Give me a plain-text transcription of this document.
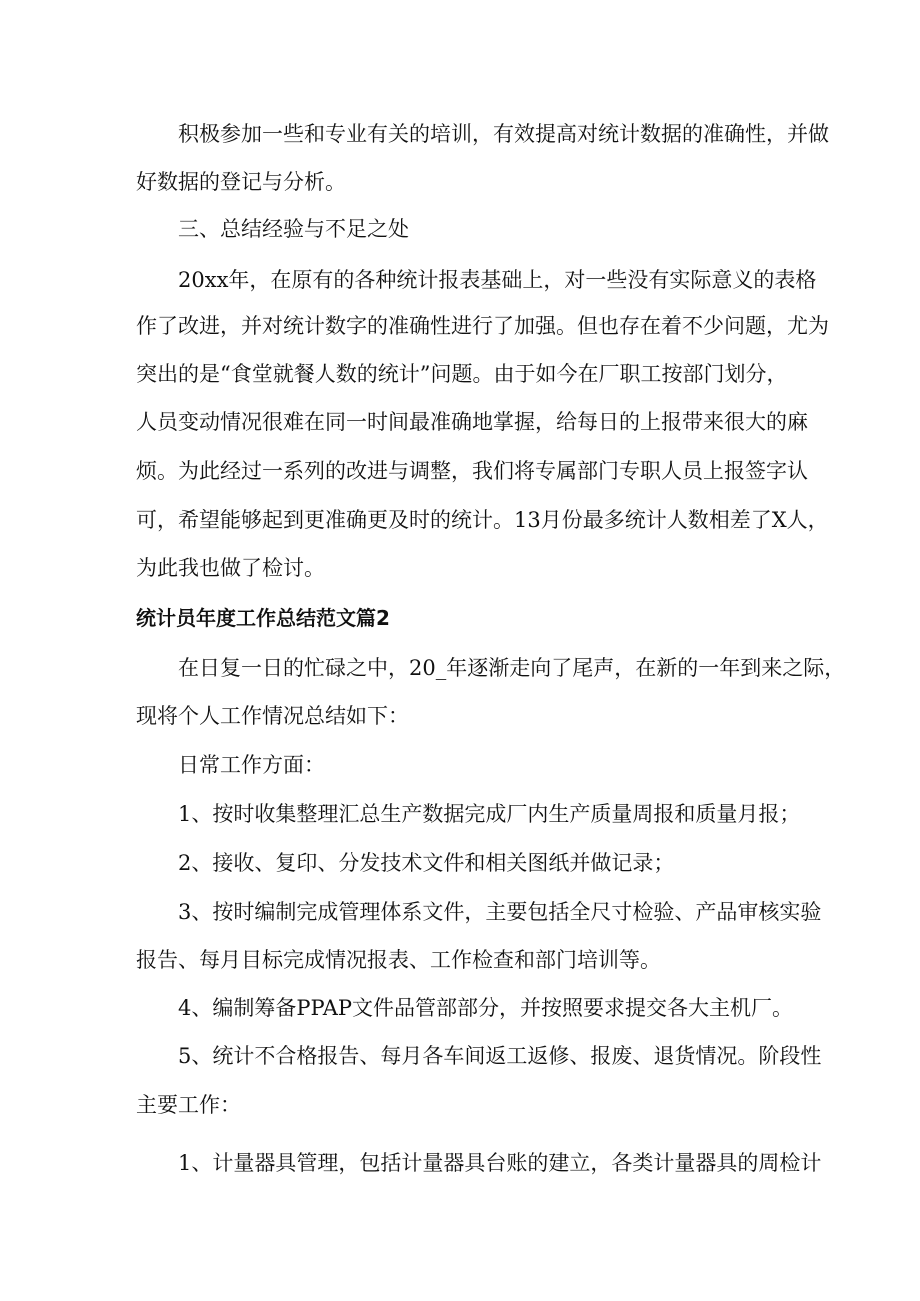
积极参加一些和专业有关的培训，有效提高对统计数据的准确性，并做
好数据的登记与分析。
三、总结经验与不足之处
20xx年，在原有的各种统计报表基础上，对一些没有实际意义的表格
作了改进，并对统计数字的准确性进行了加强。但也存在着不少问题，尤为
突出的是“食堂就餐人数的统计”问题。由于如今在厂职工按部门划分，
人员变动情况很难在同一时间最准确地掌握，给每日的上报带来很大的麻
烦。为此经过一系列的改进与调整，我们将专属部门专职人员上报签字认
可，希望能够起到更准确更及时的统计。13月份最多统计人数相差了X人，
为此我也做了检讨。
统计员年度工作总结范文篇2
在日复一日的忙碌之中，20_年逐渐走向了尾声，在新的一年到来之际，
现将个人工作情况总结如下：
日常工作方面：
1、按时收集整理汇总生产数据完成厂内生产质量周报和质量月报；
2、接收、复印、分发技术文件和相关图纸并做记录；
3、按时编制完成管理体系文件，主要包括全尺寸检验、产品审核实验
报告、每月目标完成情况报表、工作检查和部门培训等。
4、编制筹备PPAP文件品管部部分，并按照要求提交各大主机厂。
5、统计不合格报告、每月各车间返工返修、报废、退货情况。阶段性
主要工作：
1、计量器具管理，包括计量器具台账的建立，各类计量器具的周检计
